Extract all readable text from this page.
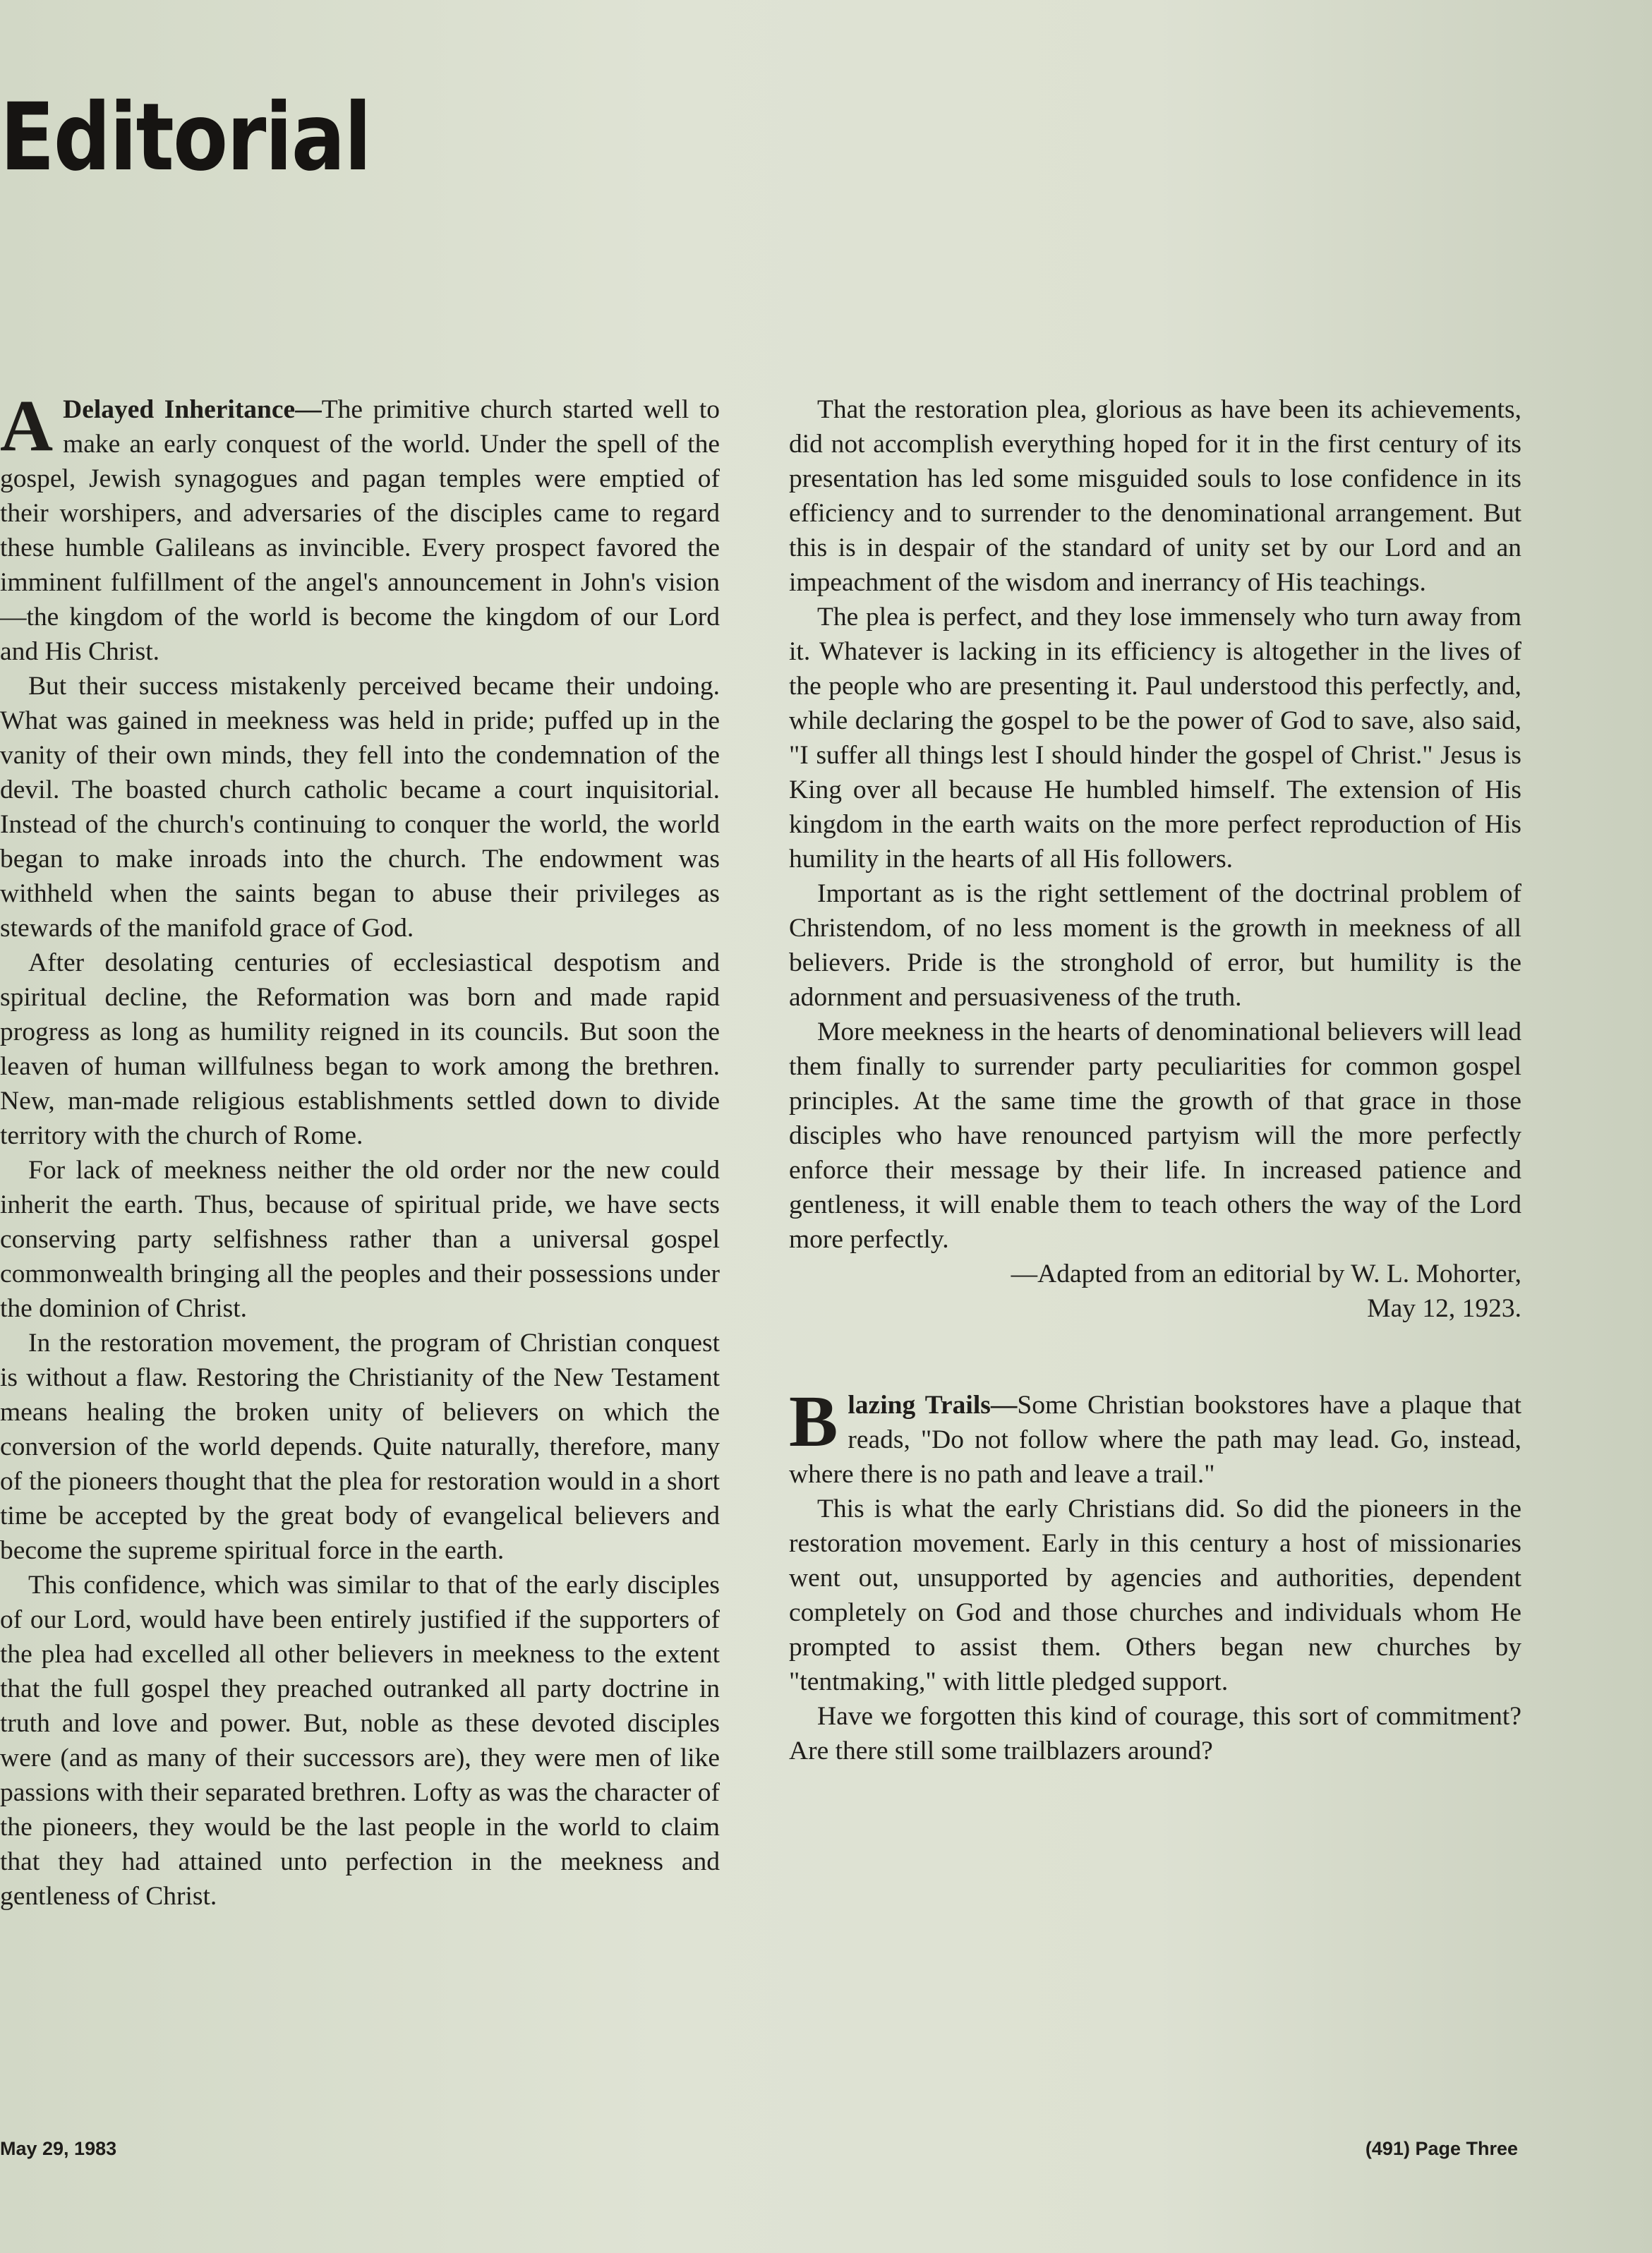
Editorial

A Delayed Inheritance—The primitive church started well to make an early conquest of the world. Under the spell of the gospel, Jewish synagogues and pagan temples were emptied of their worshipers, and adversaries of the disciples came to regard these humble Galileans as invincible. Every prospect favored the imminent fulfillment of the angel's announcement in John's vision—the kingdom of the world is become the kingdom of our Lord and His Christ.

But their success mistakenly perceived became their undoing. What was gained in meekness was held in pride; puffed up in the vanity of their own minds, they fell into the condemnation of the devil. The boasted church catholic became a court inquisitorial. Instead of the church's continuing to conquer the world, the world began to make inroads into the church. The endowment was withheld when the saints began to abuse their privileges as stewards of the manifold grace of God.

After desolating centuries of ecclesiastical despotism and spiritual decline, the Reformation was born and made rapid progress as long as humility reigned in its councils. But soon the leaven of human willfulness began to work among the brethren. New, man-made religious establishments settled down to divide territory with the church of Rome.

For lack of meekness neither the old order nor the new could inherit the earth. Thus, because of spiritual pride, we have sects conserving party selfishness rather than a universal gospel commonwealth bringing all the peoples and their possessions under the dominion of Christ.

In the restoration movement, the program of Christian conquest is without a flaw. Restoring the Christianity of the New Testament means healing the broken unity of believers on which the conversion of the world depends. Quite naturally, therefore, many of the pioneers thought that the plea for restoration would in a short time be accepted by the great body of evangelical believers and become the supreme spiritual force in the earth.

This confidence, which was similar to that of the early disciples of our Lord, would have been entirely justified if the supporters of the plea had excelled all other believers in meekness to the extent that the full gospel they preached outranked all party doctrine in truth and love and power. But, noble as these devoted disciples were (and as many of their successors are), they were men of like passions with their separated brethren. Lofty as was the character of the pioneers, they would be the last people in the world to claim that they had attained unto perfection in the meekness and gentleness of Christ.

That the restoration plea, glorious as have been its achievements, did not accomplish everything hoped for it in the first century of its presentation has led some misguided souls to lose confidence in its efficiency and to surrender to the denominational arrangement. But this is in despair of the standard of unity set by our Lord and an impeachment of the wisdom and inerrancy of His teachings.

The plea is perfect, and they lose immensely who turn away from it. Whatever is lacking in its efficiency is altogether in the lives of the people who are presenting it. Paul understood this perfectly, and, while declaring the gospel to be the power of God to save, also said, "I suffer all things lest I should hinder the gospel of Christ." Jesus is King over all because He humbled himself. The extension of His kingdom in the earth waits on the more perfect reproduction of His humility in the hearts of all His followers.

Important as is the right settlement of the doctrinal problem of Christendom, of no less moment is the growth in meekness of all believers. Pride is the stronghold of error, but humility is the adornment and persuasiveness of the truth.

More meekness in the hearts of denominational believers will lead them finally to surrender party peculiarities for common gospel principles. At the same time the growth of that grace in those disciples who have renounced partyism will the more perfectly enforce their message by their life. In increased patience and gentleness, it will enable them to teach others the way of the Lord more perfectly.

—Adapted from an editorial by W. L. Mohorter,

May 12, 1923.

Blazing Trails—Some Christian bookstores have a plaque that reads, "Do not follow where the path may lead. Go, instead, where there is no path and leave a trail."

This is what the early Christians did. So did the pioneers in the restoration movement. Early in this century a host of missionaries went out, unsupported by agencies and authorities, dependent completely on God and those churches and individuals whom He prompted to assist them. Others began new churches by "tentmaking," with little pledged support.

Have we forgotten this kind of courage, this sort of commitment? Are there still some trailblazers around?

May 29, 1983	(491) Page Three
